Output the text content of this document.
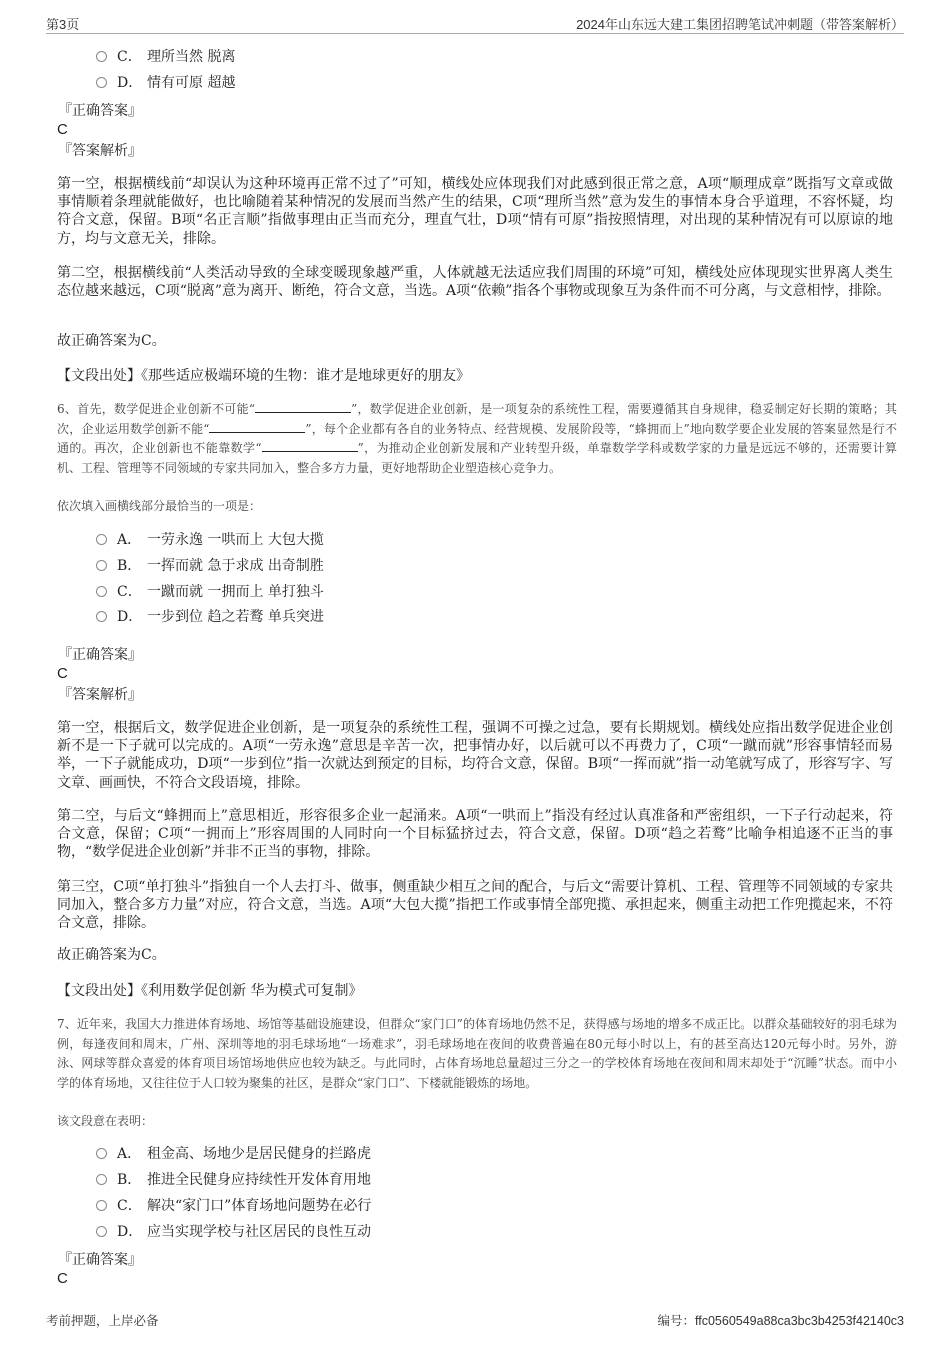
第3页	2024年山东远大建工集团招聘笔试冲刺题（带答案解析）
C． 理所当然 脱离
D． 情有可原 超越
『正确答案』
C
『答案解析』
第一空，根据横线前“却误认为这种环境再正常不过了”可知，横线处应体现我们对此感到很正常之意，A项“顺理成章”既指写文章或做事情顺着条理就能做好，也比喻随着某种情况的发展而当然产生的结果，C项“理所当然”意为发生的事情本身合乎道理，不容怀疑，均符合文意，保留。B项“名正言顺”指做事理由正当而充分，理直气壮，D项“情有可原”指按照情理，对出现的某种情况有可以原谅的地方，均与文意无关，排除。
第二空，根据横线前“人类活动导致的全球变暖现象越严重，人体就越无法适应我们周围的环境”可知，横线处应体现现实世界离人类生态位越来越远，C项“脱离”意为离开、断绝，符合文意，当选。A项“依赖”指各个事物或现象互为条件而不可分离，与文意相悖，排除。
故正确答案为C。
【文段出处】《那些适应极端环境的生物：谁才是地球更好的朋友》
6、首先，数学促进企业创新不可能“	”，数学促进企业创新，是一项复杂的系统性工程，需要遵循其自身规律，稳妥制定好长期的策略；其次，企业运用数学创新不能“	”，每个企业都有各自的业务特点、经营规模、发展阶段等，“蜂拥而上”地向数学要企业发展的答案显然是行不通的。再次，企业创新也不能靠数学“	”，为推动企业创新发展和产业转型升级，单靠数学学科或数学家的力量是远远不够的，还需要计算机、工程、管理等不同领域的专家共同加入，整合多方力量，更好地帮助企业塑造核心竞争力。
依次填入画横线部分最恰当的一项是：
A． 一劳永逸 一哄而上 大包大揽
B． 一挥而就 急于求成 出奇制胜
C． 一蹴而就 一拥而上 单打独斗
D． 一步到位 趋之若鹜 单兵突进
『正确答案』
C
『答案解析』
第一空，根据后文，数学促进企业创新，是一项复杂的系统性工程，强调不可操之过急，要有长期规划。横线处应指出数学促进企业创新不是一下子就可以完成的。A项“一劳永逸”意思是辛苦一次，把事情办好，以后就可以不再费力了，C项“一蹴而就”形容事情轻而易举，一下子就能成功，D项“一步到位”指一次就达到预定的目标，均符合文意，保留。B项“一挥而就”指一动笔就写成了，形容写字、写文章、画画快，不符合文段语境，排除。
第二空，与后文“蜂拥而上”意思相近，形容很多企业一起涌来。A项“一哄而上”指没有经过认真准备和严密组织，一下子行动起来，符合文意，保留；C项“一拥而上”形容周围的人同时向一个目标猛挤过去，符合文意，保留。D项“趋之若鹜”比喻争相追逐不正当的事物，“数学促进企业创新”并非不正当的事物，排除。
第三空，C项“单打独斗”指独自一个人去打斗、做事，侧重缺少相互之间的配合，与后文“需要计算机、工程、管理等不同领域的专家共同加入，整合多方力量”对应，符合文意，当选。A项“大包大揽”指把工作或事情全部兜揽、承担起来，侧重主动把工作兜揽起来，不符合文意，排除。
故正确答案为C。
【文段出处】《利用数学促创新 华为模式可复制》
7、近年来，我国大力推进体育场地、场馆等基础设施建设，但群众“家门口”的体育场地仍然不足，获得感与场地的增多不成正比。以群众基础较好的羽毛球为例，每逢夜间和周末，广州、深圳等地的羽毛球场地“一场难求”，羽毛球场地在夜间的收费普遍在80元每小时以上，有的甚至高达120元每小时。另外，游泳、网球等群众喜爱的体育项目场馆场地供应也较为缺乏。与此同时，占体育场地总量超过三分之一的学校体育场地在夜间和周末却处于“沉睡”状态。而中小学的体育场地，又往往位于人口较为聚集的社区，是群众“家门口”、下楼就能锻炼的场地。
该文段意在表明：
A． 租金高、场地少是居民健身的拦路虎
B． 推进全民健身应持续性开发体育用地
C． 解决“家门口”体育场地问题势在必行
D． 应当实现学校与社区居民的良性互动
『正确答案』
C
考前押题，上岸必备	编号：ffc0560549a88ca3bc3b4253f42140c3
